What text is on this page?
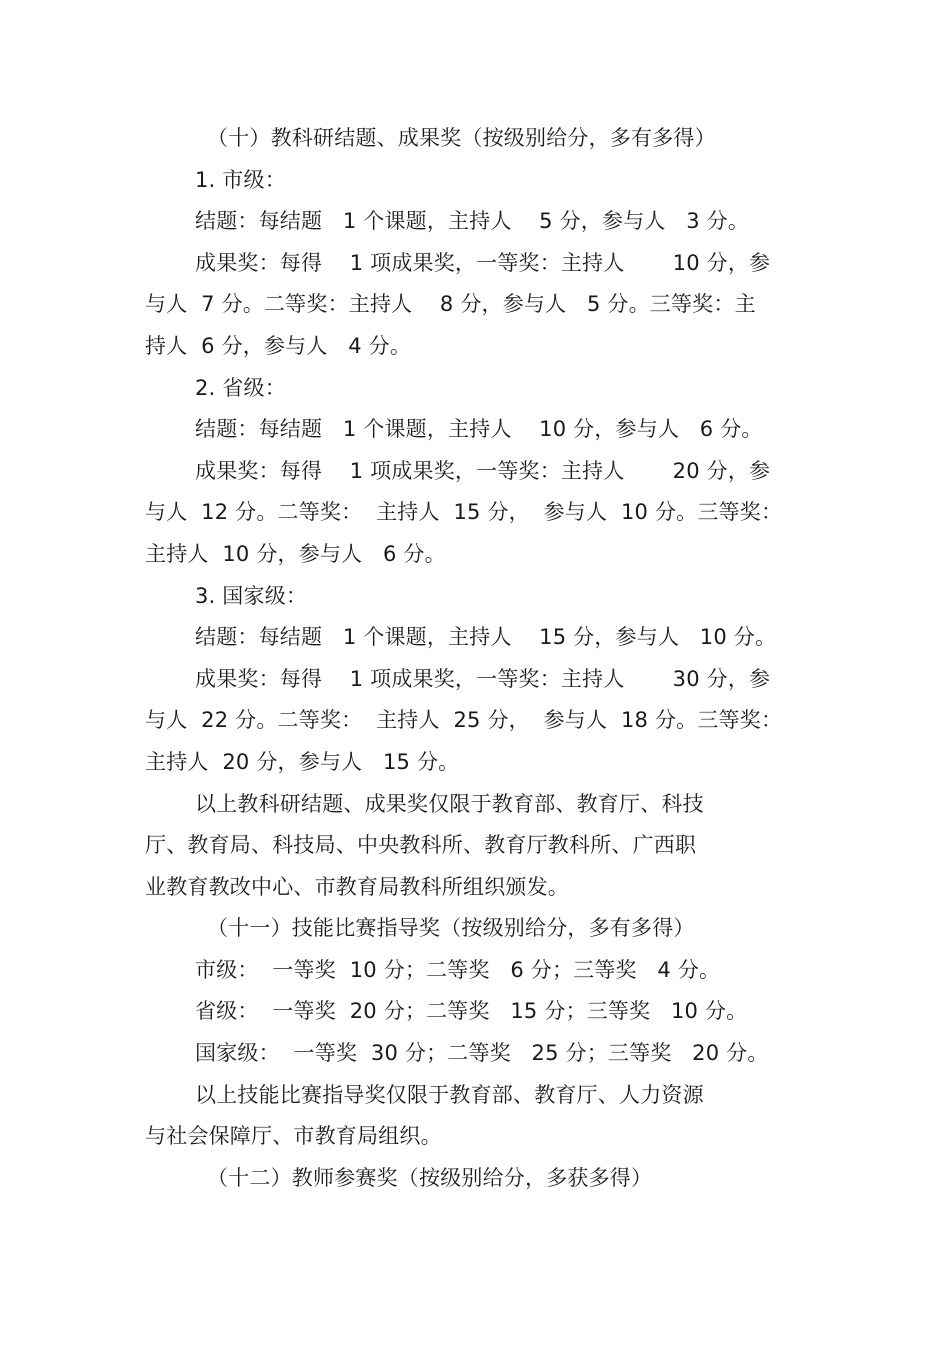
（十）教科研结题、成果奖（按级别给分，多有多得）
1. 市级：
结题：每结题   1 个课题，主持人    5 分，参与人   3 分。
成果奖：每得    1 项成果奖，一等奖：主持人       10 分，参
与人  7 分。二等奖：主持人    8 分，参与人   5 分。三等奖：主
持人  6 分，参与人   4 分。
2. 省级：
结题：每结题   1 个课题，主持人    10 分，参与人   6 分。
成果奖：每得    1 项成果奖，一等奖：主持人       20 分，参
与人  12 分。二等奖：  主持人  15 分，  参与人  10 分。三等奖：
主持人  10 分，参与人   6 分。
3. 国家级：
结题：每结题   1 个课题，主持人    15 分，参与人   10 分。
成果奖：每得    1 项成果奖，一等奖：主持人       30 分，参
与人  22 分。二等奖：  主持人  25 分，  参与人  18 分。三等奖：
主持人  20 分，参与人   15 分。
以上教科研结题、成果奖仅限于教育部、教育厅、科技
厅、教育局、科技局、中央教科所、教育厅教科所、广西职
业教育教改中心、市教育局教科所组织颁发。
（十一）技能比赛指导奖（按级别给分，多有多得）
市级：  一等奖  10 分；二等奖   6 分；三等奖   4 分。
省级：  一等奖  20 分；二等奖   15 分；三等奖   10 分。
国家级：  一等奖  30 分；二等奖   25 分；三等奖   20 分。
以上技能比赛指导奖仅限于教育部、教育厅、人力资源
与社会保障厅、市教育局组织。
（十二）教师参赛奖（按级别给分，多获多得）
